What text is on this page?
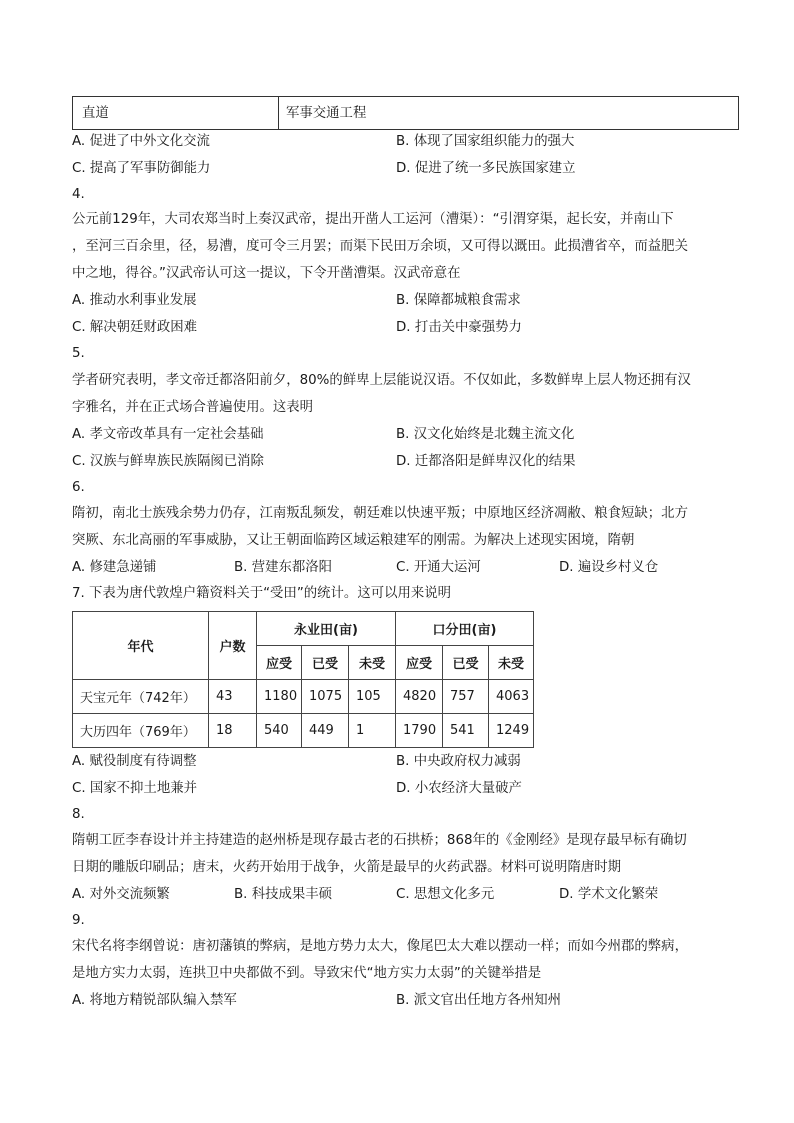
直道	军事交通工程
A. 促进了中外文化交流	B. 体现了国家组织能力的强大
C. 提高了军事防御能力	D. 促进了统一多民族国家建立
4.
公元前129年，大司农郑当时上奏汉武帝，提出开凿人工运河（漕渠）：“引渭穿渠，起长安，并南山下
，至河三百余里，径，易漕，度可令三月罢；而渠下民田万余顷，又可得以溉田。此损漕省卒，而益肥关
中之地，得谷。”汉武帝认可这一提议，下令开凿漕渠。汉武帝意在
A. 推动水利事业发展	B. 保障都城粮食需求
C. 解决朝廷财政困难	D. 打击关中豪强势力
5.
学者研究表明，孝文帝迁都洛阳前夕，80%的鲜卑上层能说汉语。不仅如此，多数鲜卑上层人物还拥有汉
字雅名，并在正式场合普遍使用。这表明
A. 孝文帝改革具有一定社会基础	B. 汉文化始终是北魏主流文化
C. 汉族与鲜卑族民族隔阂已消除	D. 迁都洛阳是鲜卑汉化的结果
6.
隋初，南北士族残余势力仍存，江南叛乱频发，朝廷难以快速平叛；中原地区经济凋敝、粮食短缺；北方
突厥、东北高丽的军事威胁，又让王朝面临跨区域运粮建军的刚需。为解决上述现实困境，隋朝
A. 修建急递铺	B. 营建东都洛阳	C. 开通大运河	D. 遍设乡村义仓
7. 下表为唐代敦煌户籍资料关于“受田”的统计。这可以用来说明
年代	户数	永业田(亩)			口分田(亩)		
		应受	已受	未受	应受	已受	未受
天宝元年（742年）	43	1180	1075	105	4820	757	4063
大历四年（769年）	18	540	449	1	1790	541	1249
A. 赋役制度有待调整	B. 中央政府权力减弱
C. 国家不抑土地兼并	D. 小农经济大量破产
8.
隋朝工匠李春设计并主持建造的赵州桥是现存最古老的石拱桥；868年的《金刚经》是现存最早标有确切
日期的雕版印刷品；唐末，火药开始用于战争，火箭是最早的火药武器。材料可说明隋唐时期
A. 对外交流频繁	B. 科技成果丰硕	C. 思想文化多元	D. 学术文化繁荣
9.
宋代名将李纲曾说：唐初藩镇的弊病，是地方势力太大，像尾巴太大难以摆动一样；而如今州郡的弊病，
是地方实力太弱，连拱卫中央都做不到。导致宋代“地方实力太弱”的关键举措是
A. 将地方精锐部队编入禁军	B. 派文官出任地方各州知州
